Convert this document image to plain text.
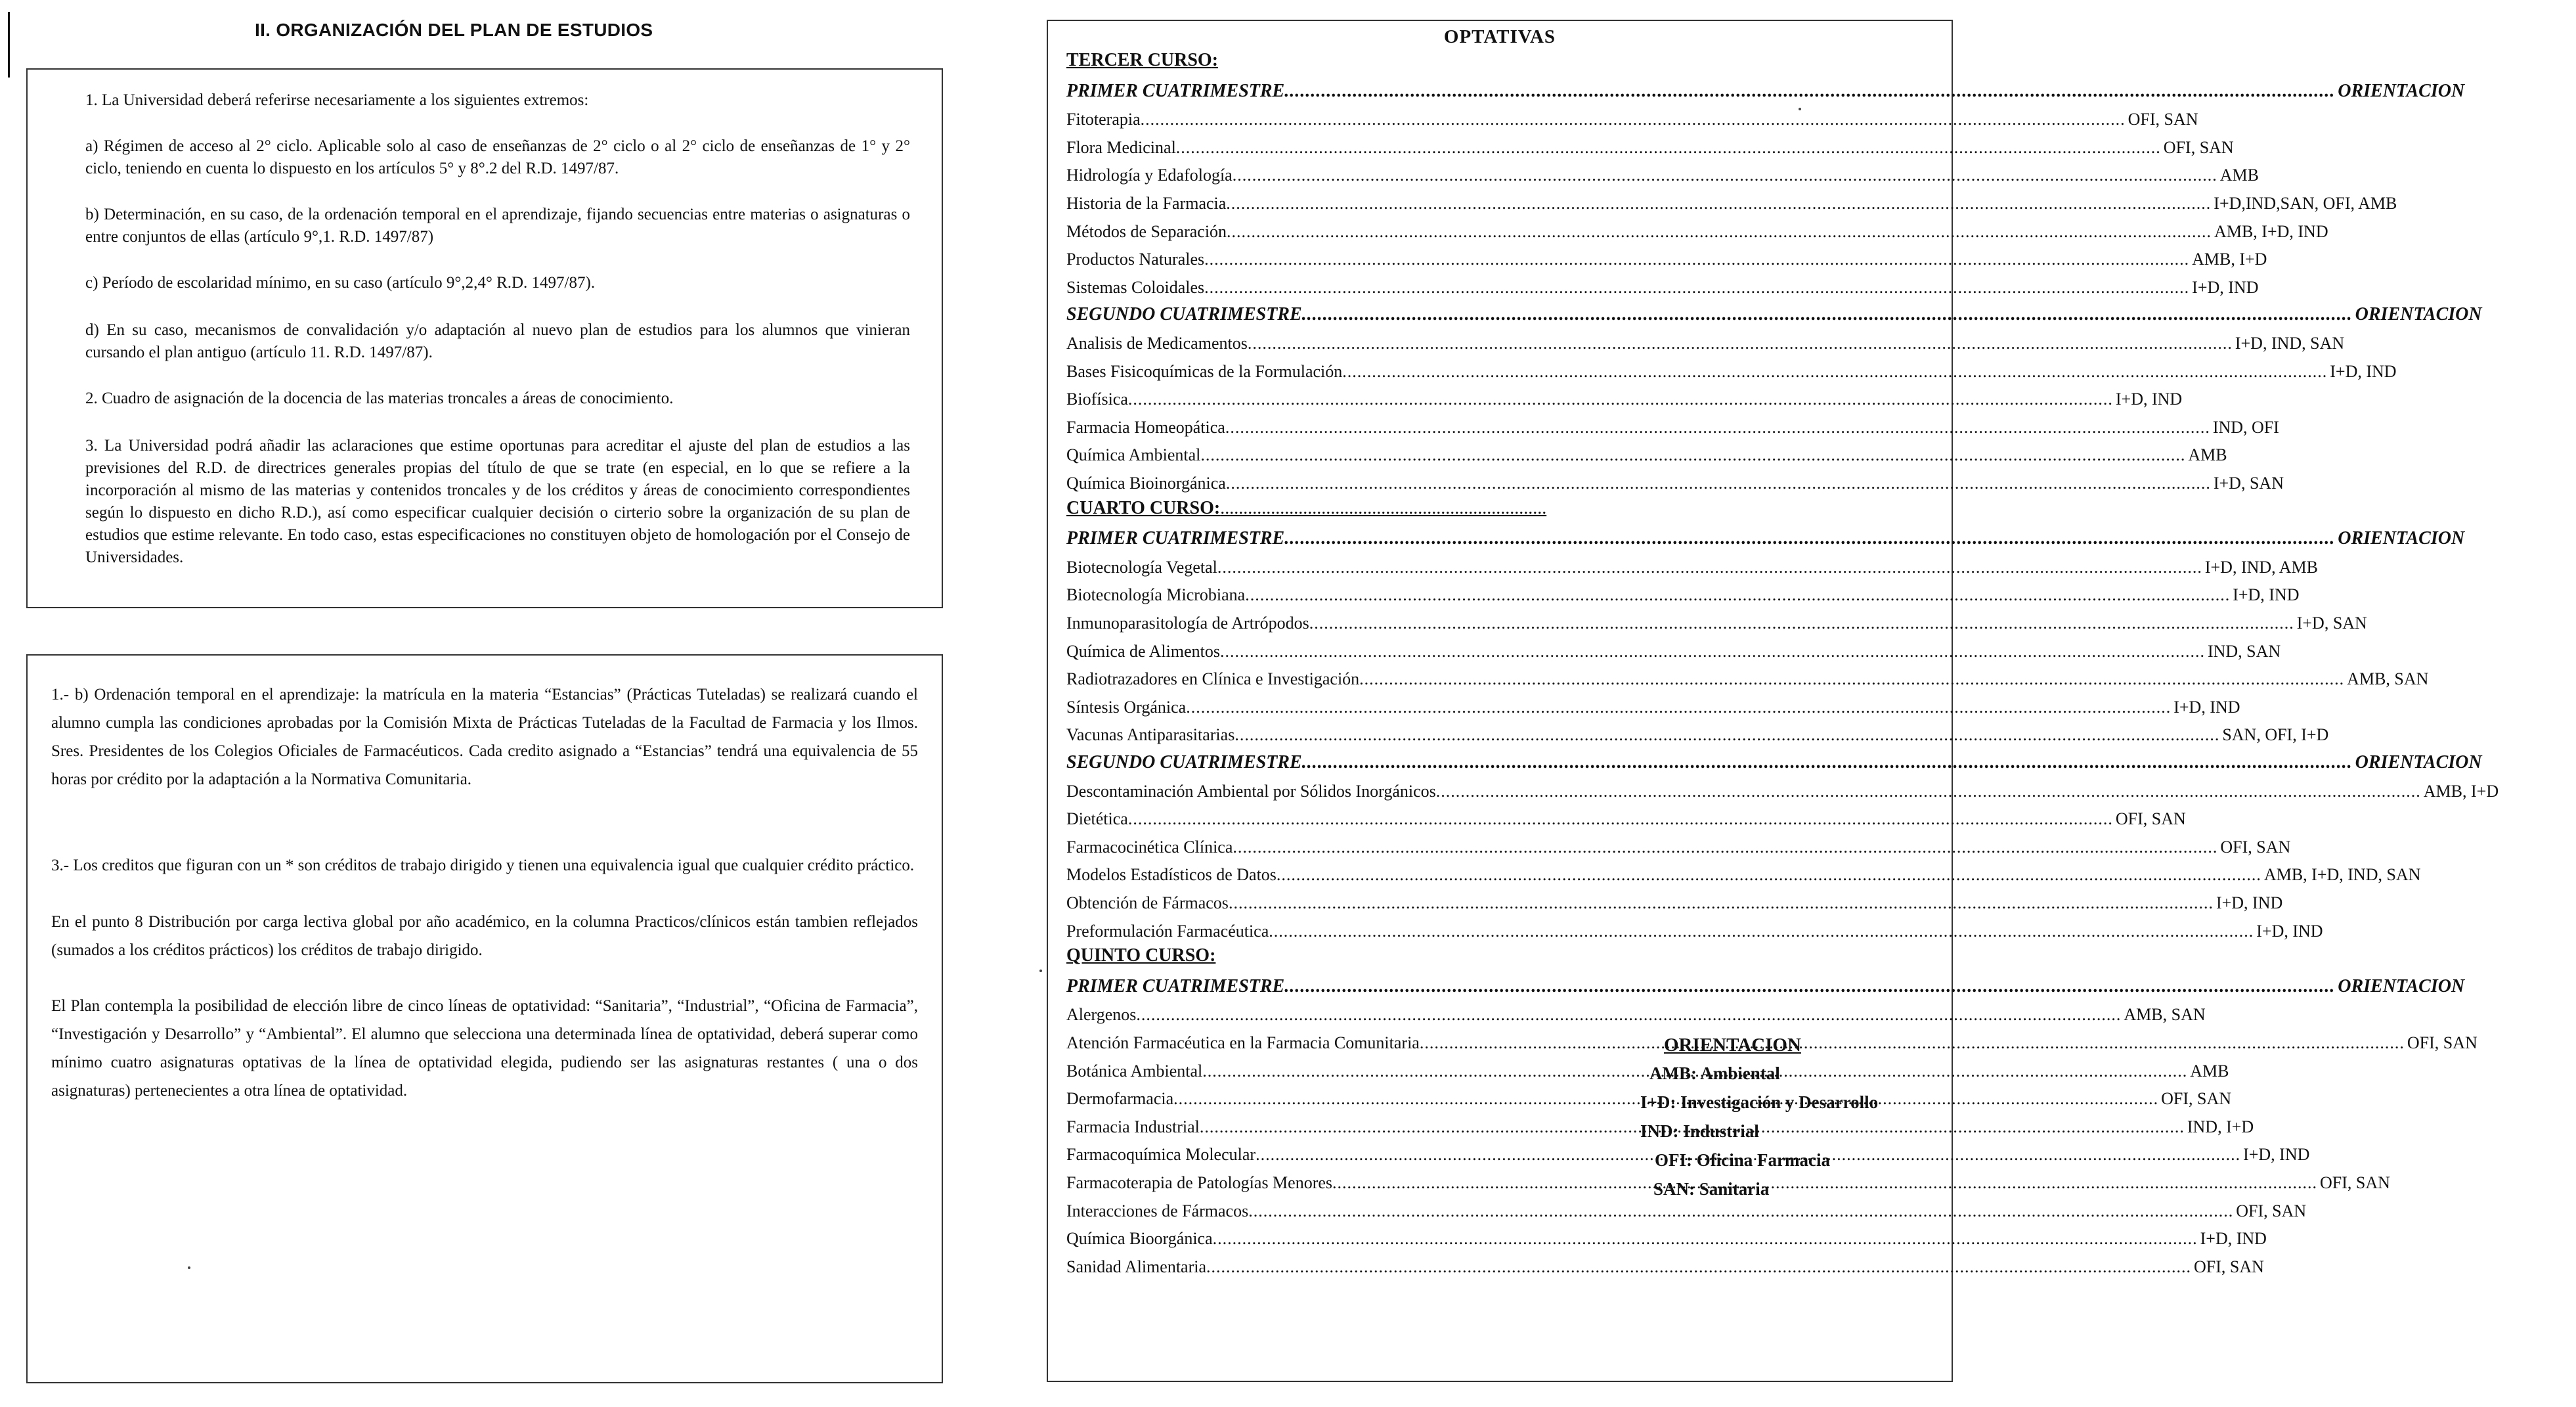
II. ORGANIZACIÓN DEL PLAN DE ESTUDIOS
1. La Universidad deberá referirse necesariamente a los siguientes extremos:
a) Régimen de acceso al 2° ciclo. Aplicable solo al caso de enseñanzas de 2° ciclo o al 2° ciclo de enseñanzas de 1° y 2° ciclo, teniendo en cuenta lo dispuesto en los artículos 5° y 8°.2 del R.D. 1497/87.
b) Determinación, en su caso, de la ordenación temporal en el aprendizaje, fijando secuencias entre materias o asignaturas o entre conjuntos de ellas (artículo 9°,1. R.D. 1497/87)
c) Período de escolaridad mínimo, en su caso (artículo 9°,2,4° R.D. 1497/87).
d) En su caso, mecanismos de convalidación y/o adaptación al nuevo plan de estudios para los alumnos que vinieran cursando el plan antiguo (artículo 11. R.D. 1497/87).
2. Cuadro de asignación de la docencia de las materias troncales a áreas de conocimiento.
3. La Universidad podrá añadir las aclaraciones que estime oportunas para acreditar el ajuste del plan de estudios a las previsiones del R.D. de directrices generales propias del título de que se trate (en especial, en lo que se refiere a la incorporación al mismo de las materias y contenidos troncales y de los créditos y áreas de conocimiento correspondientes según lo dispuesto en dicho R.D.), así como especificar cualquier decisión o cirterio sobre la organización de su plan de estudios que estime relevante. En todo caso, estas especificaciones no constituyen objeto de homologación por el Consejo de Universidades.
1.- b) Ordenación temporal en el aprendizaje: la matrícula en la materia “Estancias” (Prácticas Tuteladas) se realizará cuando el alumno cumpla las condiciones aprobadas por la Comisión Mixta de Prácticas Tuteladas de la Facultad de Farmacia y los Ilmos. Sres. Presidentes de los Colegios Oficiales de Farmacéuticos. Cada credito asignado a “Estancias” tendrá una equivalencia de 55 horas por crédito por la adaptación a la Normativa Comunitaria.
3.- Los creditos que figuran con un * son créditos de trabajo dirigido y tienen una equivalencia igual que cualquier crédito práctico.
En el punto 8 Distribución por carga lectiva global por año académico, en la columna Practicos/clínicos están tambien reflejados (sumados a los créditos prácticos) los créditos de trabajo dirigido.
El Plan contempla la posibilidad de elección libre de cinco líneas de optatividad: “Sanitaria”, “Industrial”, “Oficina de Farmacia”, “Investigación y Desarrollo” y “Ambiental”. El alumno que selecciona una determinada línea de optatividad, deberá superar como mínimo cuatro asignaturas optativas de la línea de optatividad elegida, pudiendo ser las asignaturas restantes ( una o dos asignaturas) pertenecientes a otra línea de optatividad.
OPTATIVAS
TERCER CURSO:
PRIMER CUATRIMESTRE .....	ORIENTACION
Fitoterapia .....	OFI, SAN
Flora Medicinal .....	OFI, SAN
Hidrología y Edafología .....	AMB
Historia de la Farmacia .....	I+D,IND,SAN, OFI, AMB
Métodos de Separación .....	AMB, I+D, IND
Productos Naturales .....	AMB, I+D
Sistemas Coloidales .....	I+D, IND
SEGUNDO CUATRIMESTRE .....	ORIENTACION
Analisis de Medicamentos .....	I+D, IND, SAN
Bases Fisicoquímicas de la Formulación .....	I+D, IND
Biofísica .....	I+D, IND
Farmacia Homeopática .....	IND, OFI
Química Ambiental .....	AMB
Química Bioinorgánica .....	I+D, SAN
CUARTO CURSO:.......................................................................
PRIMER CUATRIMESTRE .....	ORIENTACION
Biotecnología Vegetal .....	I+D, IND, AMB
Biotecnología Microbiana .....	I+D, IND
Inmunoparasitología de Artrópodos .....	I+D, SAN
Química de Alimentos .....	IND, SAN
Radiotrazadores en Clínica e Investigación .....	AMB, SAN
Síntesis Orgánica .....	I+D, IND
Vacunas Antiparasitarias .....	SAN, OFI, I+D
SEGUNDO CUATRIMESTRE .....	ORIENTACION
Descontaminación Ambiental por Sólidos Inorgánicos .....	AMB, I+D
Dietética .....	OFI, SAN
Farmacocinética Clínica .....	OFI, SAN
Modelos Estadísticos de Datos .....	AMB, I+D, IND, SAN
Obtención de Fármacos .....	I+D, IND
Preformulación Farmacéutica .....	I+D, IND
QUINTO CURSO:
PRIMER CUATRIMESTRE .....	ORIENTACION
Alergenos .....	AMB, SAN
Atención Farmacéutica en la Farmacia Comunitaria .....	OFI, SAN
Botánica Ambiental .....	AMB
Dermofarmacia .....	OFI, SAN
Farmacia Industrial .....	IND, I+D
Farmacoquímica Molecular .....	I+D, IND
Farmacoterapia de Patologías Menores .....	OFI, SAN
Interacciones de Fármacos .....	OFI, SAN
Química Bioorgánica .....	I+D, IND
Sanidad Alimentaria .....	OFI, SAN
ORIENTACION
AMB: Ambiental
I+D: Investigación y Desarrollo
IND: Industrial
OFI: Oficina Farmacia
SAN: Sanitaria
